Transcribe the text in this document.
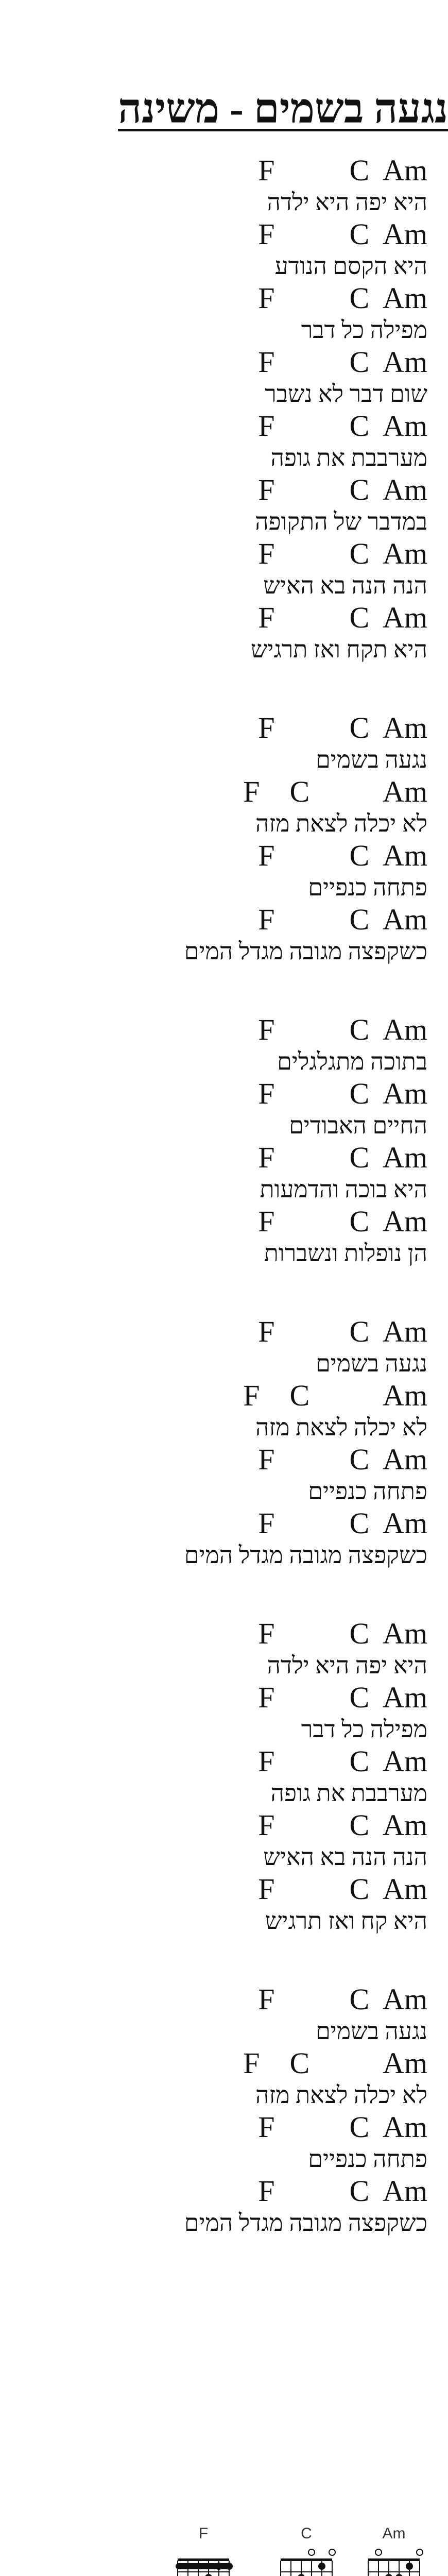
נגעה בשמים - משינה
F          C  Am
היא יפה היא ילדה
F          C  Am
היא הקסם הנודע
F          C  Am
מפילה כל דבר
F          C  Am
שום דבר לא נשבר
F          C  Am
מערבבת את גופה
F          C  Am
במדבר של התקופה
F          C  Am
הנה הנה בא האיש
F          C  Am
היא תקח ואז תרגיש
F          C  Am
נגעה בשמים
F    C          Am
לא יכלה לצאת מזה
F          C  Am
פתחה כנפיים
F          C  Am
כשקפצה מגובה מגדל המים
F          C  Am
בתוכה מתגלגלים
F          C  Am
החיים האבודים
F          C  Am
היא בוכה והדמעות
F          C  Am
הן נופלות ונשברות
F          C  Am
נגעה בשמים
F    C          Am
לא יכלה לצאת מזה
F          C  Am
פתחה כנפיים
F          C  Am
כשקפצה מגובה מגדל המים
F          C  Am
היא יפה היא ילדה
F          C  Am
מפילה כל דבר
F          C  Am
מערבבת את גופה
F          C  Am
הנה הנה בא האיש
F          C  Am
היא קח ואז תרגיש
F          C  Am
נגעה בשמים
F    C          Am
לא יכלה לצאת מזה
F          C  Am
פתחה כנפיים
F          C  Am
כשקפצה מגובה מגדל המים
F	C	Am
